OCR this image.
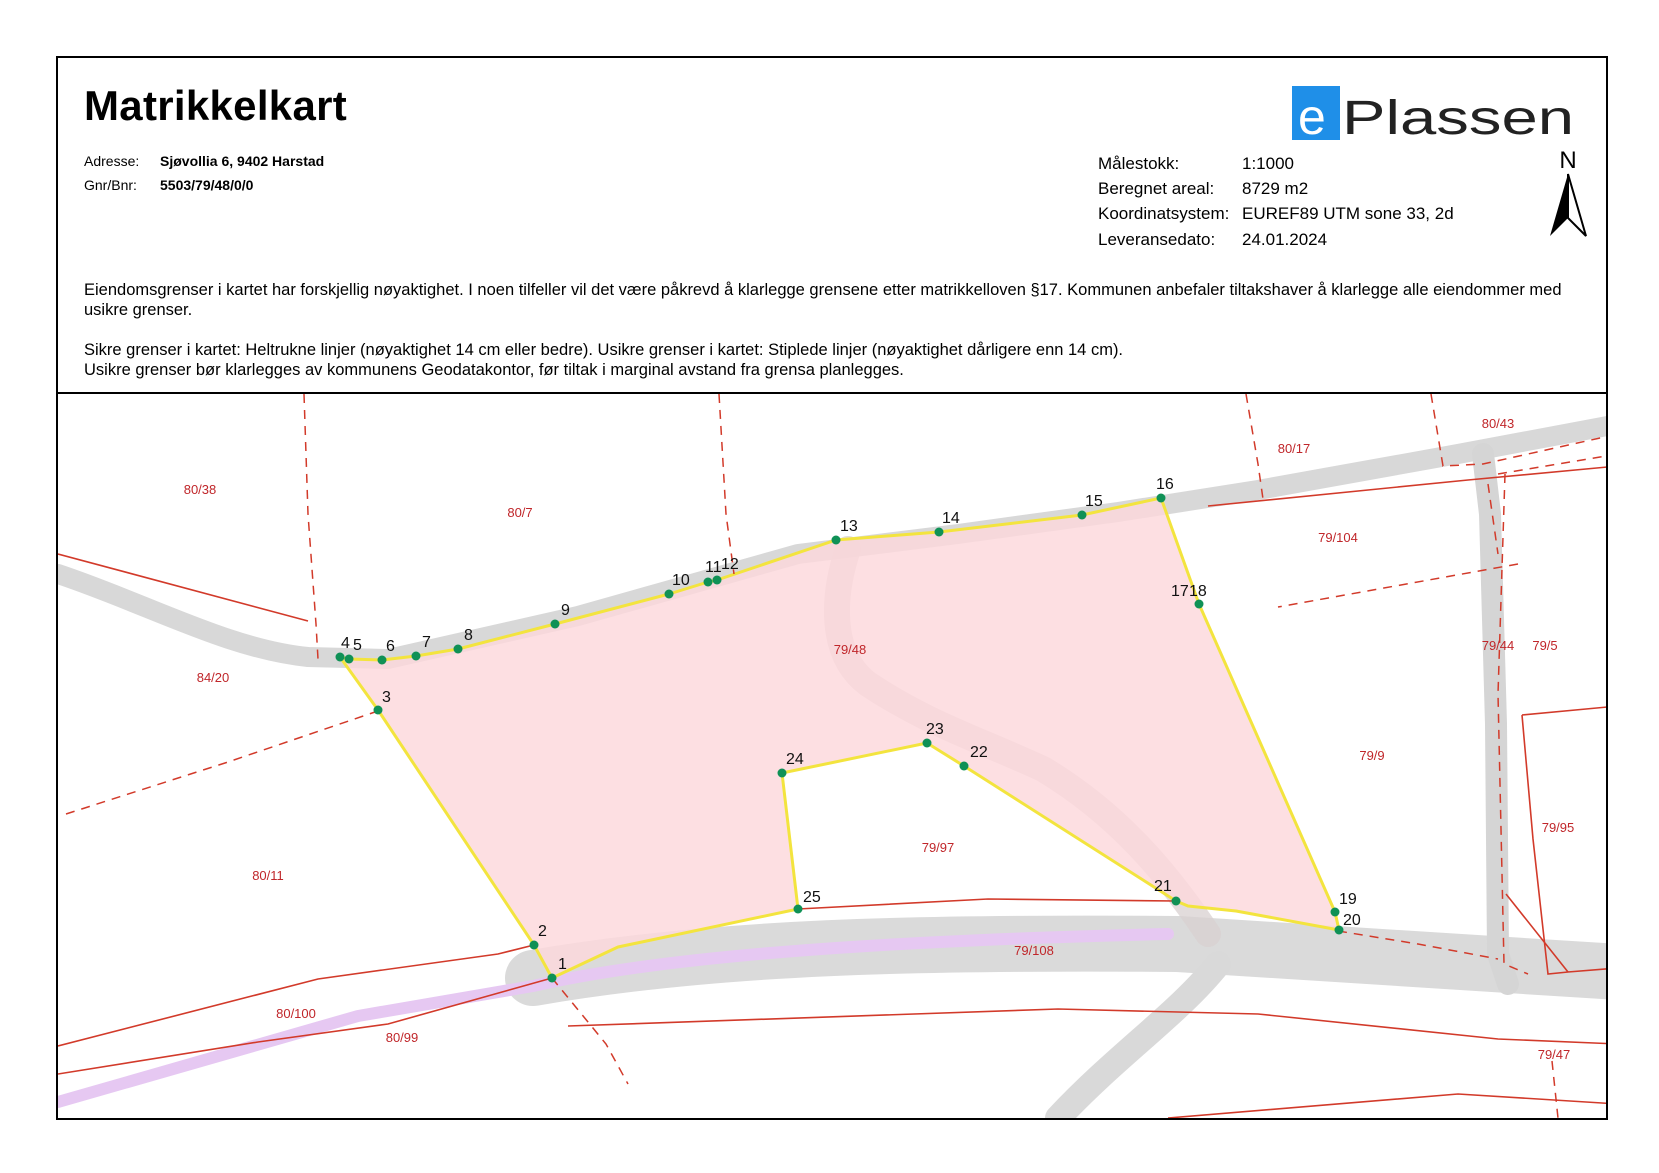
Matrikkelkart
Adresse: Sjøvollia 6, 9402 Harstad
Gnr/Bnr: 5503/79/48/0/0
e Plassen
Målestokk:	1:1000
Beregnet areal: 8729 m2
Koordinatsystem: EUREF89 UTM sone 33, 2d
Leveransedato: 24.01.2024
N

Eiendomsgrenser i kartet har forskjellig nøyaktighet. I noen tilfeller vil det være påkrevd å klarlegge grensene etter matrikkelloven §17. Kommunen anbefaler tiltakshaver å klarlegge alle eiendommer med usikre grenser.

Sikre grenser i kartet: Heltrukne linjer (nøyaktighet 14 cm eller bedre). Usikre grenser i kartet: Stiplede linjer (nøyaktighet dårligere enn 14 cm).

Usikre grenser bør klarlegges av kommunens Geodatakontor, før tiltak i marginal avstand fra grensa planlegges.

80/38
80/7
84/20
80/11
79/48
79/97
80/17
79/104
80/43
79/44 79/5
79/9
79/95
79/108
80/100
80/99
79/47
1
2
3
4 5 6 7 8
9
10
11 12
13	14
15
16
17 18
19
20
21
22
23
24
25
